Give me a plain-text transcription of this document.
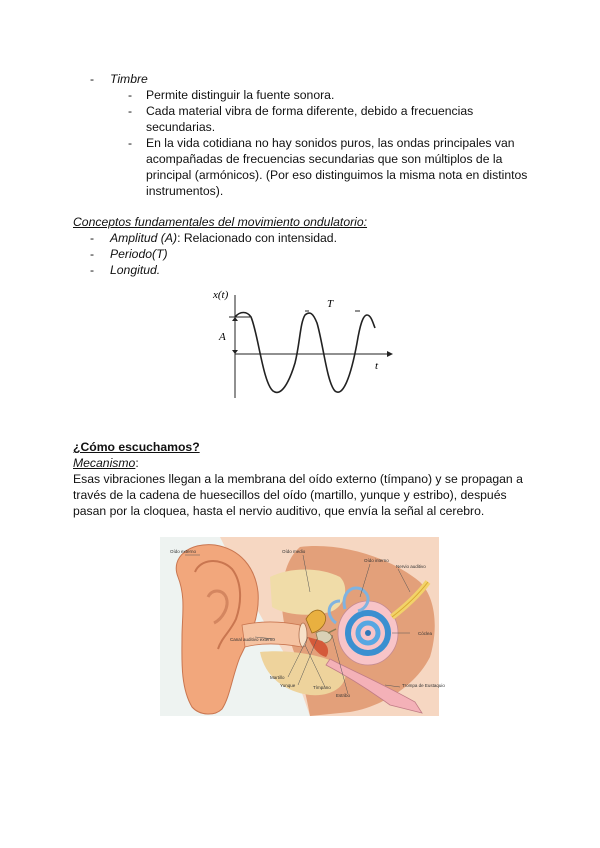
- Timbre
- Permite distinguir la fuente sonora.
- Cada material vibra de forma diferente, debido a frecuencias
secundarias.
- En la vida cotidiana no hay sonidos puros, las ondas principales van
acompañadas de frecuencias secundarias que son múltiplos de la
principal (armónicos). (Por eso distinguimos la misma nota en distintos
instrumentos).
Conceptos fundamentales del movimiento ondulatorio:
- Amplitud (A): Relacionado con intensidad.
- Periodo(T)
- Longitud.
x(t)
t
A
T
¿Cómo escuchamos?
Mecanismo:
Esas vibraciones llegan a la membrana del oído externo (tímpano) y se propagan a
través de la cadena de huesecillos del oído (martillo, yunque y estribo), después
pasan por la cloquea, hasta el nervio auditivo, que envía la señal al cerebro.
Oído externo	Oído medio
Oído interno
Nervio auditivo
Canal auditivo externo
Cóclea
Martillo
Yunque	Tímpano
Estribo
Trompa de Eustaquio
